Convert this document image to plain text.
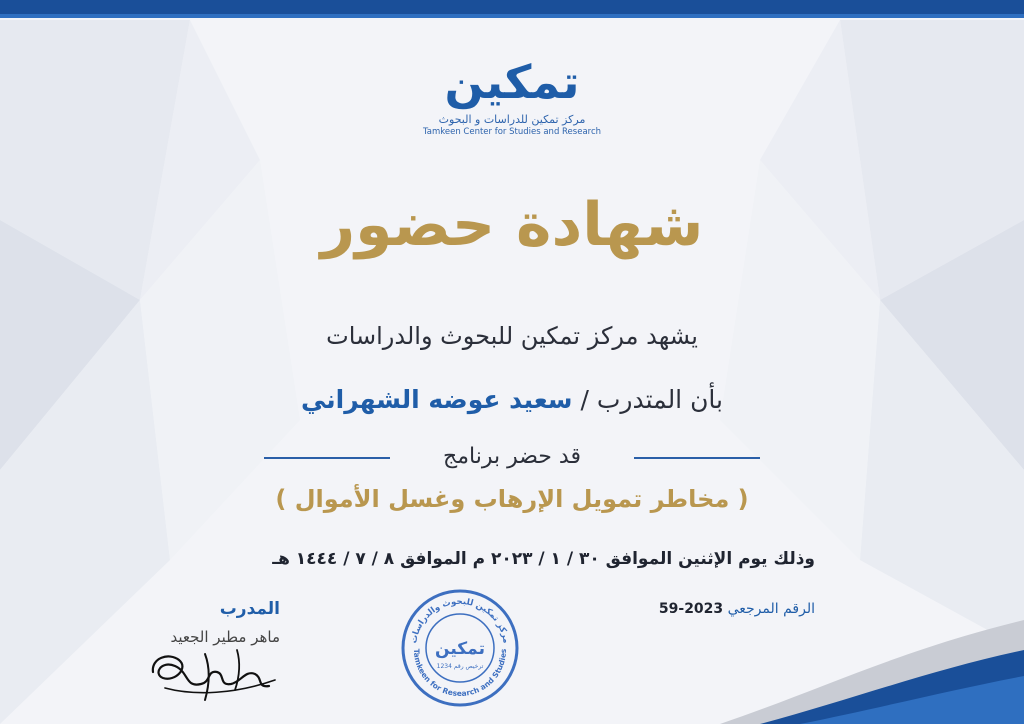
تمكين
مركز تمكين للدراسات و البحوث
Tamkeen Center for Studies and Research
شهادة حضور
يشهد مركز تمكين للبحوث والدراسات
بأن المتدرب / سعيد عوضه الشهراني
قد حضر برنامج
( مخاطر تمويل الإرهاب وغسل الأموال )
وذلك يوم الإثنين الموافق ٣٠ / ١ / ٢٠٢٣ م الموافق ٨ / ٧ / ١٤٤٤ هـ
الرقم المرجعي 2023-59
المدرب
ماهر مطير الجعيد	مركز تمكين للبحوث والدراسات
Tamkeen for Research and Studies
تمكين
ترخيص رقم 1234
